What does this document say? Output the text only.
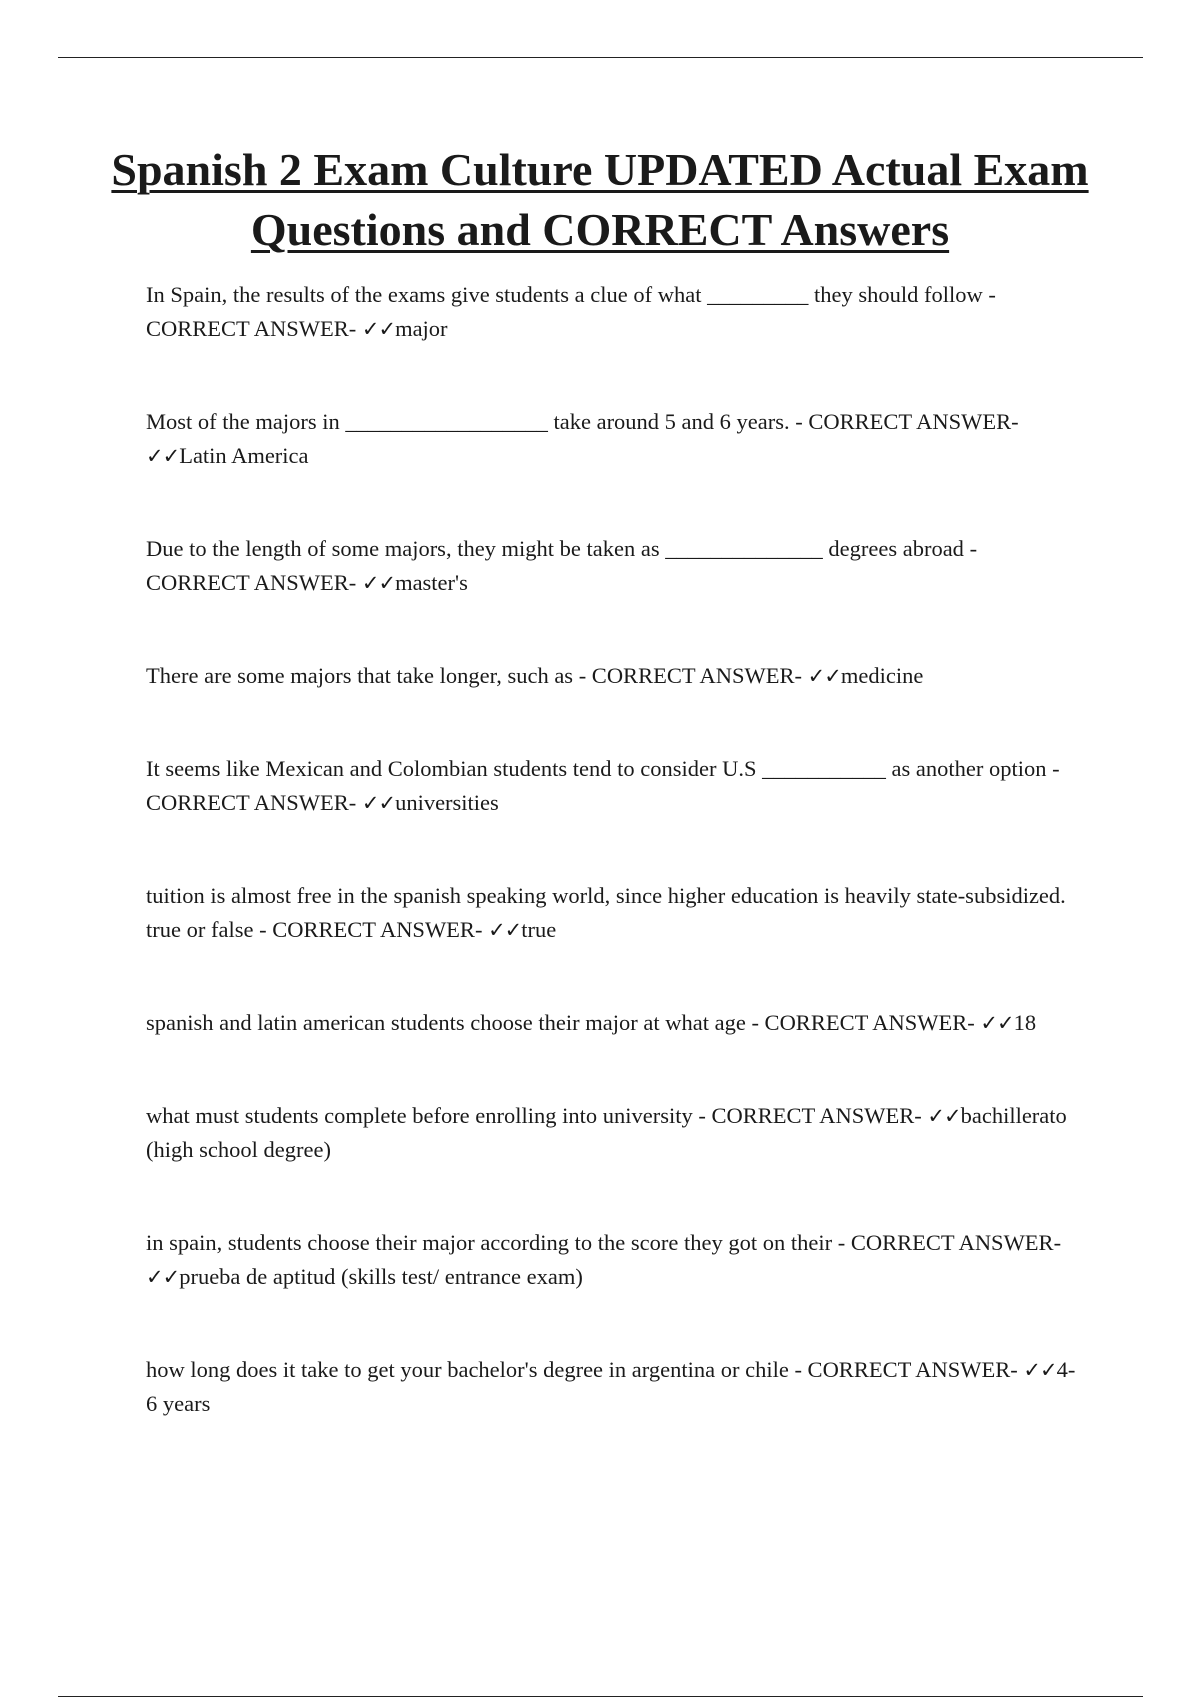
Spanish 2 Exam Culture UPDATED Actual Exam Questions and CORRECT Answers
In Spain, the results of the exams give students a clue of what _________ they should follow - CORRECT ANSWER- ✓✓major
Most of the majors in __________________ take around 5 and 6 years. - CORRECT ANSWER- ✓✓Latin America
Due to the length of some majors, they might be taken as ______________ degrees abroad - CORRECT ANSWER- ✓✓master's
There are some majors that take longer, such as - CORRECT ANSWER- ✓✓medicine
It seems like Mexican and Colombian students tend to consider U.S ___________ as another option - CORRECT ANSWER- ✓✓universities
tuition is almost free in the spanish speaking world, since higher education is heavily state-subsidized. true or false - CORRECT ANSWER- ✓✓true
spanish and latin american students choose their major at what age - CORRECT ANSWER- ✓✓18
what must students complete before enrolling into university - CORRECT ANSWER- ✓✓bachillerato (high school degree)
in spain, students choose their major according to the score they got on their - CORRECT ANSWER- ✓✓prueba de aptitud (skills test/ entrance exam)
how long does it take to get your bachelor's degree in argentina or chile - CORRECT ANSWER- ✓✓4-6 years
